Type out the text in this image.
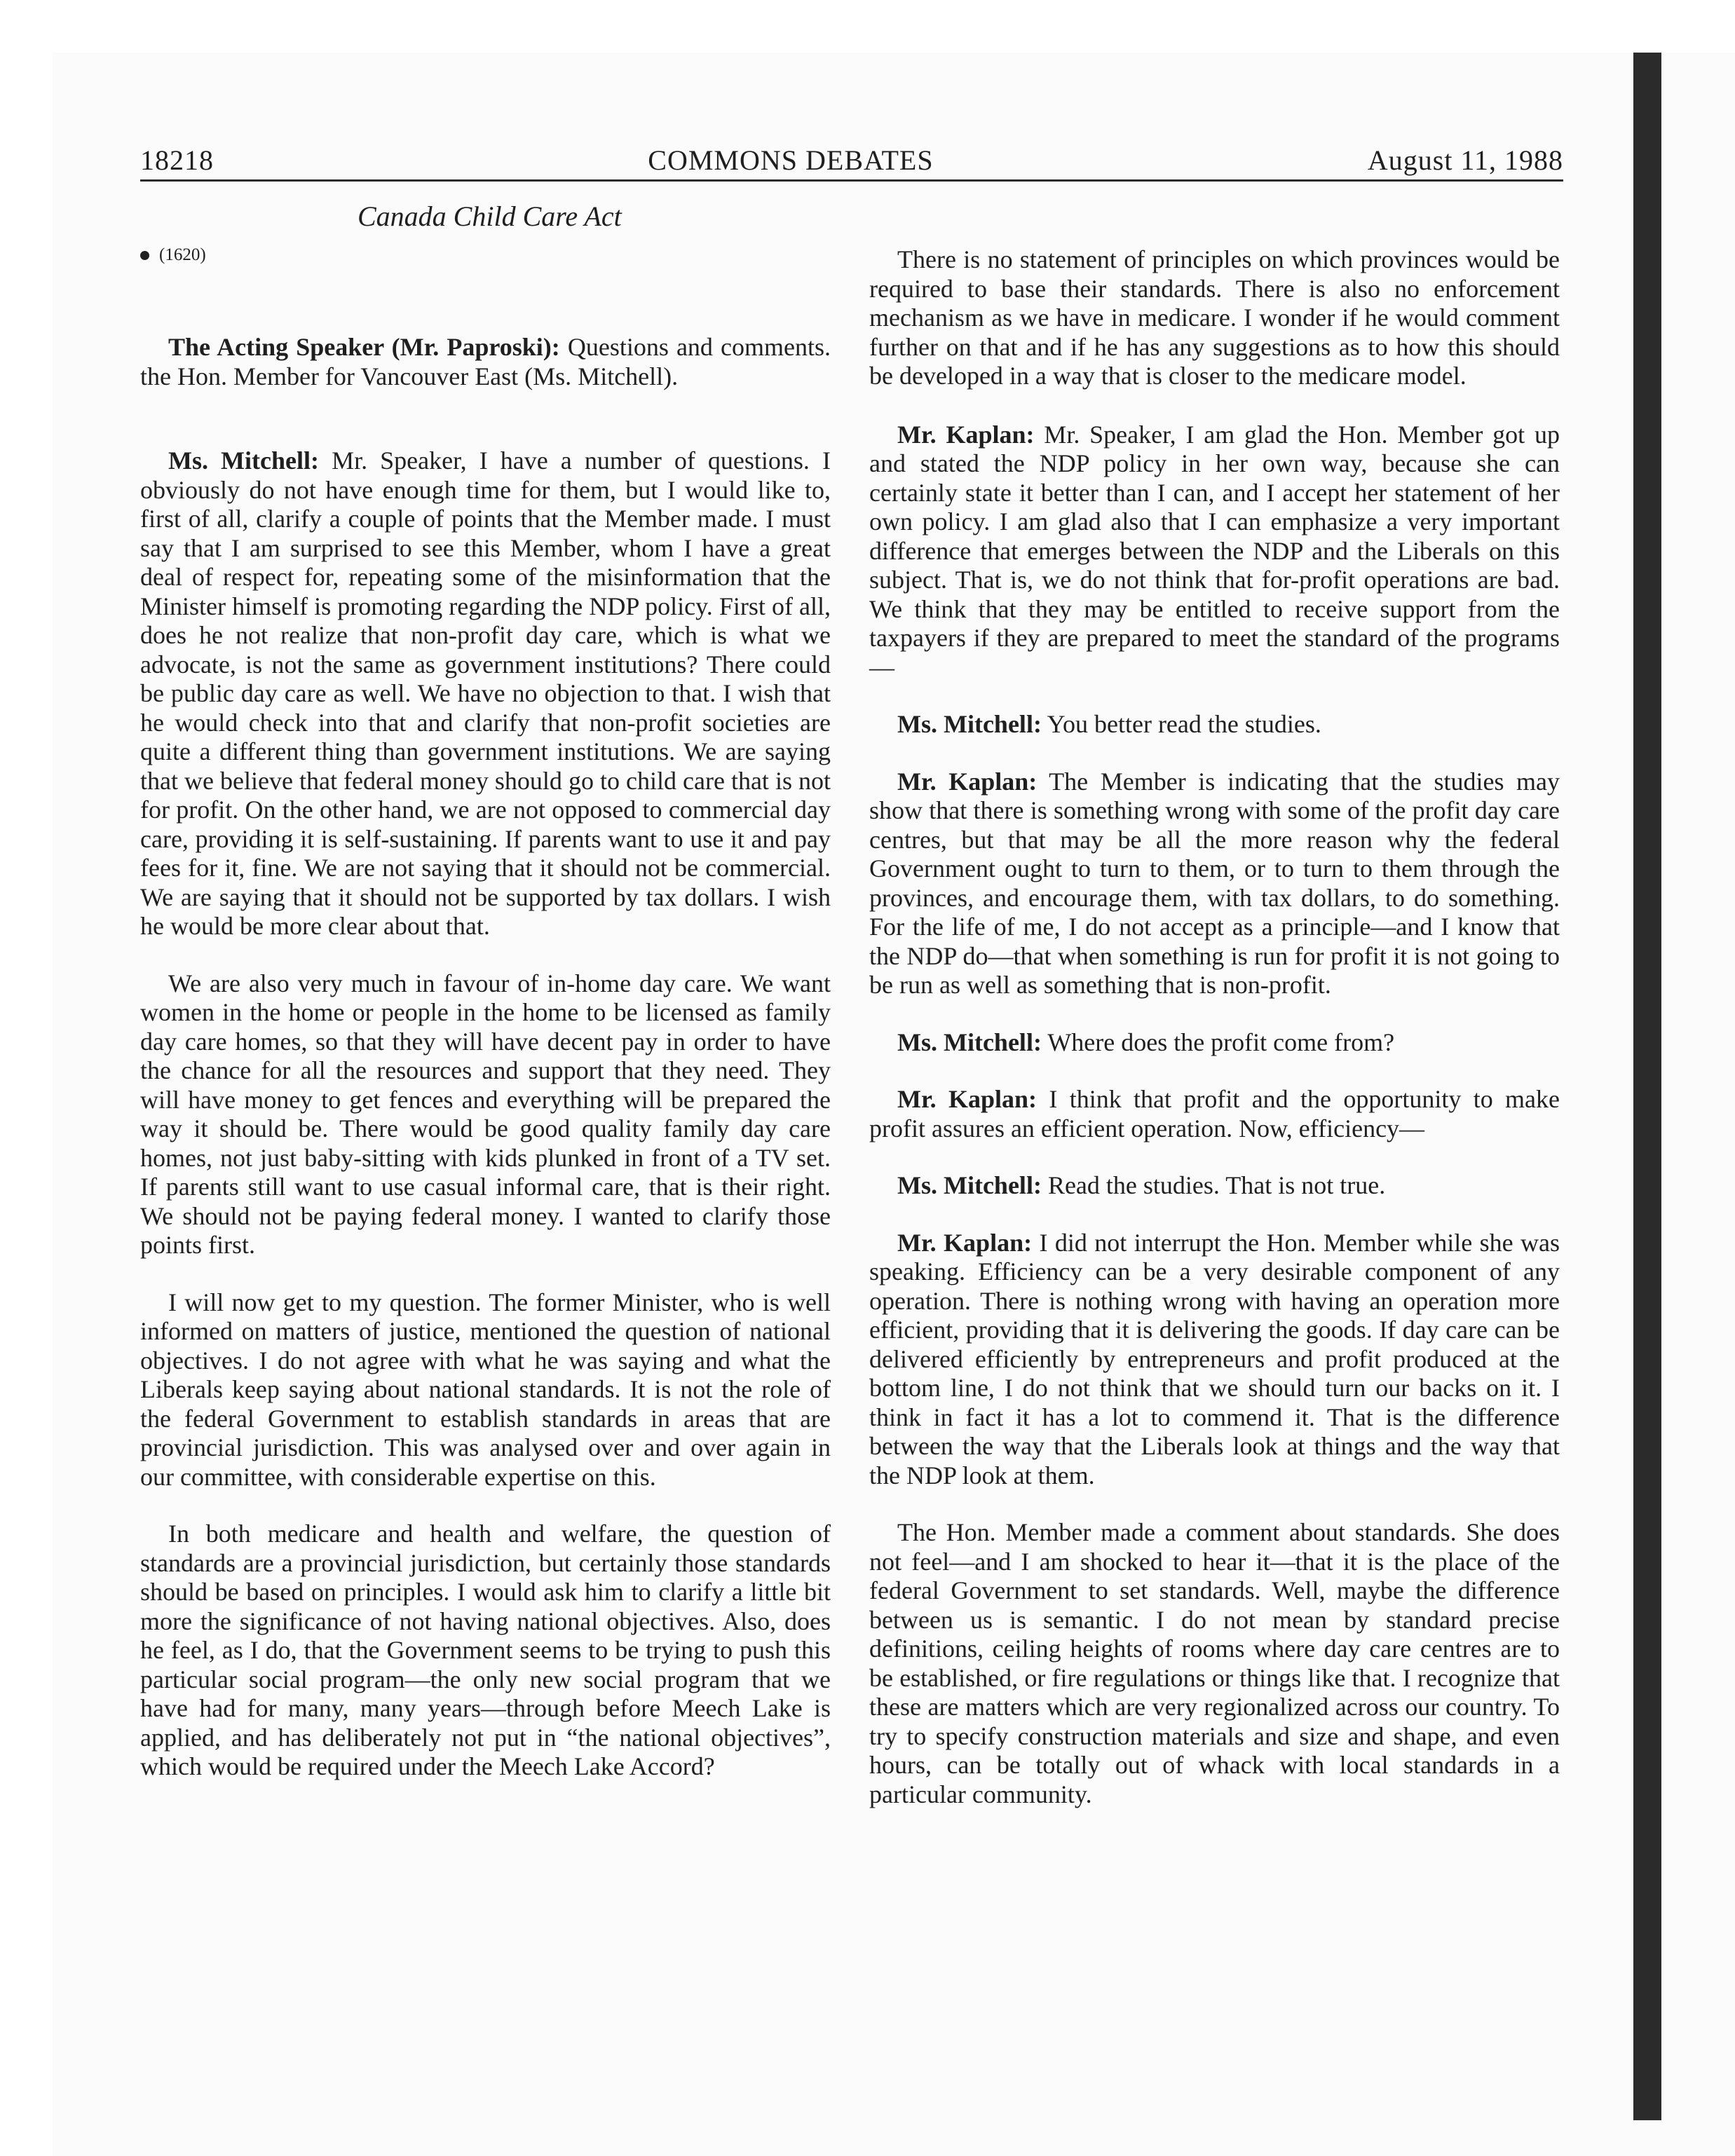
18218	COMMONS DEBATES	August 11, 1988
Canada Child Care Act
(1620)

The Acting Speaker (Mr. Paproski): Questions and comments. the Hon. Member for Vancouver East (Ms. Mitchell).

Ms. Mitchell: Mr. Speaker, I have a number of questions. I obviously do not have enough time for them, but I would like to, first of all, clarify a couple of points that the Member made. I must say that I am surprised to see this Member, whom I have a great deal of respect for, repeating some of the misinformation that the Minister himself is promoting regarding the NDP policy. First of all, does he not realize that non-profit day care, which is what we advocate, is not the same as government institutions? There could be public day care as well. We have no objection to that. I wish that he would check into that and clarify that non-profit societies are quite a different thing than government institutions. We are saying that we believe that federal money should go to child care that is not for profit. On the other hand, we are not opposed to commercial day care, providing it is self-sustaining. If parents want to use it and pay fees for it, fine. We are not saying that it should not be commercial. We are saying that it should not be supported by tax dollars. I wish he would be more clear about that.

We are also very much in favour of in-home day care. We want women in the home or people in the home to be licensed as family day care homes, so that they will have decent pay in order to have the chance for all the resources and support that they need. They will have money to get fences and everything will be prepared the way it should be. There would be good quality family day care homes, not just baby-sitting with kids plunked in front of a TV set. If parents still want to use casual informal care, that is their right. We should not be paying federal money. I wanted to clarify those points first.

I will now get to my question. The former Minister, who is well informed on matters of justice, mentioned the question of national objectives. I do not agree with what he was saying and what the Liberals keep saying about national standards. It is not the role of the federal Government to establish standards in areas that are provincial jurisdiction. This was analysed over and over again in our committee, with considerable expertise on this.

In both medicare and health and welfare, the question of standards are a provincial jurisdiction, but certainly those standards should be based on principles. I would ask him to clarify a little bit more the significance of not having national objectives. Also, does he feel, as I do, that the Government seems to be trying to push this particular social program—the only new social program that we have had for many, many years—through before Meech Lake is applied, and has deliberately not put in “the national objectives”, which would be required under the Meech Lake Accord?

There is no statement of principles on which provinces would be required to base their standards. There is also no enforcement mechanism as we have in medicare. I wonder if he would comment further on that and if he has any suggestions as to how this should be developed in a way that is closer to the medicare model.

Mr. Kaplan: Mr. Speaker, I am glad the Hon. Member got up and stated the NDP policy in her own way, because she can certainly state it better than I can, and I accept her statement of her own policy. I am glad also that I can emphasize a very important difference that emerges between the NDP and the Liberals on this subject. That is, we do not think that for-profit operations are bad. We think that they may be entitled to receive support from the taxpayers if they are prepared to meet the standard of the programs—

Ms. Mitchell: You better read the studies.

Mr. Kaplan: The Member is indicating that the studies may show that there is something wrong with some of the profit day care centres, but that may be all the more reason why the federal Government ought to turn to them, or to turn to them through the provinces, and encourage them, with tax dollars, to do something. For the life of me, I do not accept as a principle—and I know that the NDP do—that when something is run for profit it is not going to be run as well as something that is non-profit.

Ms. Mitchell: Where does the profit come from?

Mr. Kaplan: I think that profit and the opportunity to make profit assures an efficient operation. Now, efficiency—

Ms. Mitchell: Read the studies. That is not true.

Mr. Kaplan: I did not interrupt the Hon. Member while she was speaking. Efficiency can be a very desirable component of any operation. There is nothing wrong with having an operation more efficient, providing that it is delivering the goods. If day care can be delivered efficiently by entrepreneurs and profit produced at the bottom line, I do not think that we should turn our backs on it. I think in fact it has a lot to commend it. That is the difference between the way that the Liberals look at things and the way that the NDP look at them.

The Hon. Member made a comment about standards. She does not feel—and I am shocked to hear it—that it is the place of the federal Government to set standards. Well, maybe the difference between us is semantic. I do not mean by standard precise definitions, ceiling heights of rooms where day care centres are to be established, or fire regulations or things like that. I recognize that these are matters which are very regionalized across our country. To try to specify construction materials and size and shape, and even hours, can be totally out of whack with local standards in a particular community.
